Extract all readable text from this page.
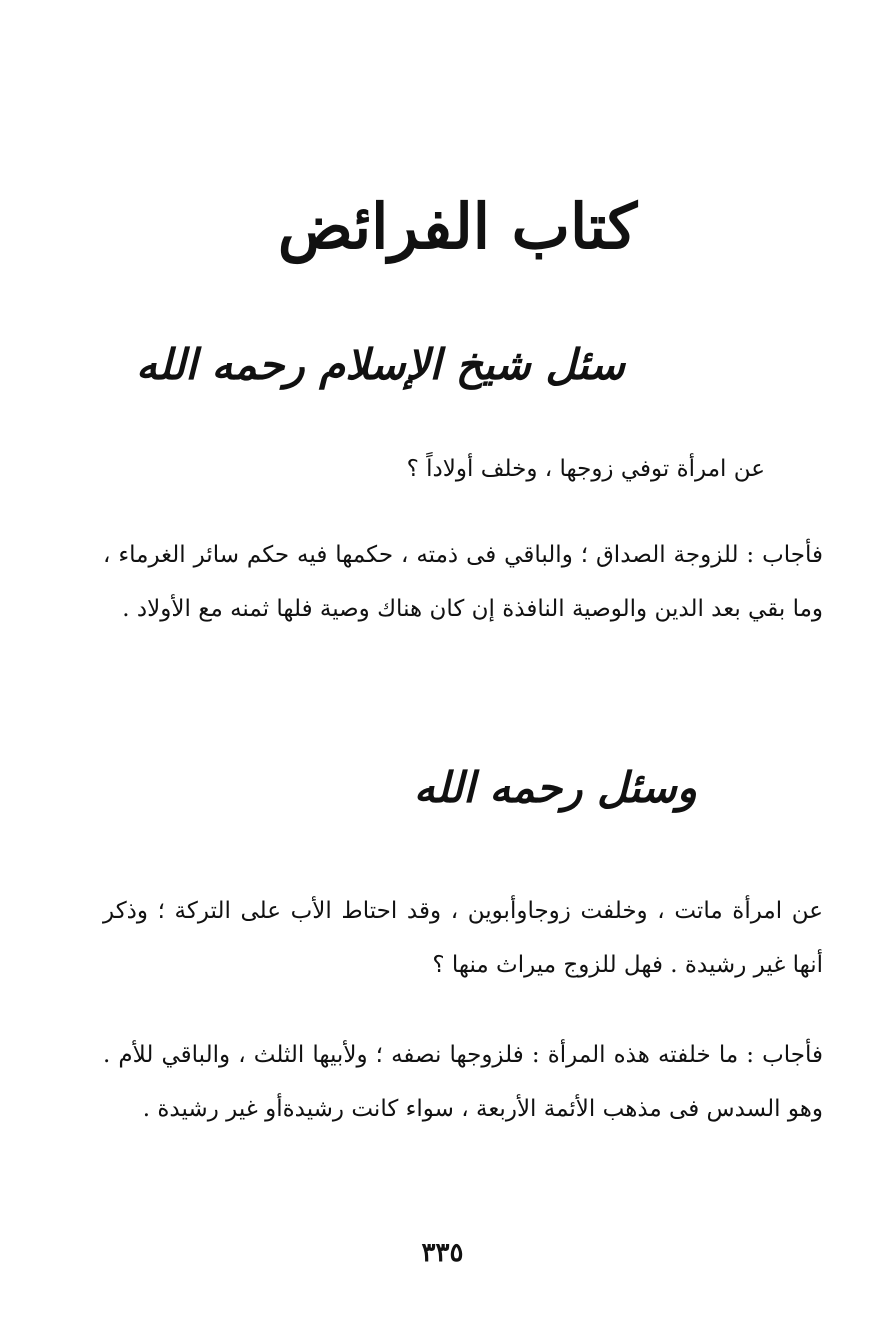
كتاب الفرائض
سئل شيخ الإسلام رحمه الله

عن امرأة توفي زوجها ، وخلف أولاداً ؟

فأجاب : للزوجة الصداق ؛ والباقي فى ذمته ، حكمها فيه حكم سائر الغرماء ، وما بقي بعد الدين والوصية النافذة إن كان هناك وصية فلها ثمنه مع الأولاد .

وسئل رحمه الله

عن امرأة ماتت ، وخلفت زوجاوأبوين ، وقد احتاط الأب على التركة ؛ وذكر أنها غير رشيدة . فهل للزوج ميراث منها ؟

فأجاب : ما خلفته هذه المرأة : فلزوجها نصفه ؛ ولأبيها الثلث ، والباقي للأم . وهو السدس فى مذهب الأئمة الأربعة ، سواء كانت رشيدةأو غير رشيدة .

٣٣٥
